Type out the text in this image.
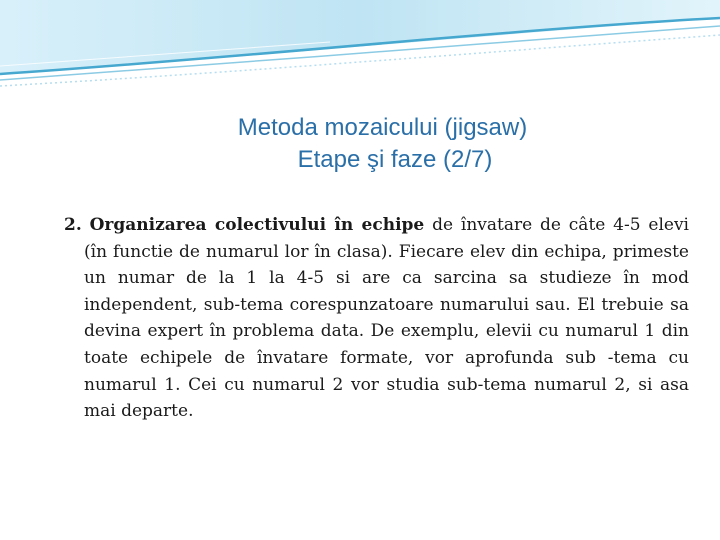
Metoda mozaicului (jigsaw)
Etape şi faze (2/7)

2. Organizarea colectivului în echipe de învatare de câte 4-5 elevi (în functie de numarul lor în clasa). Fiecare elev din echipa, primeste un numar de la 1 la 4-5 si are ca sarcina sa studieze în mod independent, sub-tema corespunzatoare numarului sau. El trebuie sa devina expert în problema data. De exemplu, elevii cu numarul 1 din toate echipele de învatare formate, vor aprofunda sub -tema cu numarul 1. Cei cu numarul 2 vor studia sub-tema numarul 2, si asa mai departe.
